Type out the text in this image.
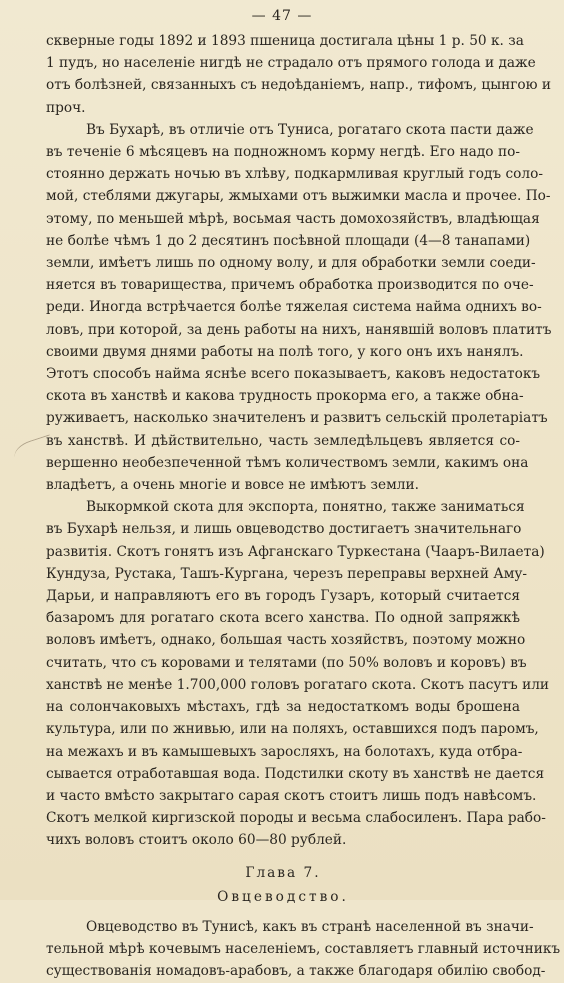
— 47 —
скверные годы 1892 и 1893 пшеница достигала цѣны 1 р. 50 к. за
1 пудъ, но населенiе нигдѣ не страдало отъ прямого голода и даже
отъ болѣзней, связанныхъ съ недоѣданiемъ, напр., тифомъ, цынгою и
проч.
Въ Бухарѣ, въ отличiе отъ Туниса, рогатаго скота пасти даже
въ теченiе 6 мѣсяцевъ на подножномъ корму негдѣ. Его надо по-
стоянно держать ночью въ хлѣву, подкармливая круглый годъ соло-
мой, стеблями джугары, жмыхами отъ выжимки масла и прочее. По-
этому, по меньшей мѣрѣ, восьмая часть домохозяйствъ, владѣющая
не болѣе чѣмъ 1 до 2 десятинъ посѣвной площади (4—8 танапами)
земли, имѣетъ лишь по одному волу, и для обработки земли соеди-
няется въ товарищества, причемъ обработка производится по оче-
реди. Иногда встрѣчается болѣе тяжелая система найма однихъ во-
ловъ, при которой, за день работы на нихъ, нанявшiй воловъ платитъ
своими двумя днями работы на полѣ того, у кого онъ ихъ нанялъ.
Этотъ способъ найма яснѣе всего показываетъ, каковъ недостатокъ
скота въ ханствѣ и какова трудность прокорма его, а также обна-
руживаетъ, насколько значителенъ и развитъ сельскiй пролетарiатъ
въ ханствѣ. И дѣйствительно, часть земледѣльцевъ является со-
вершенно необезпеченной тѣмъ количествомъ земли, какимъ она
владѣетъ, а очень многiе и вовсе не имѣютъ земли.
Выкормкой скота для экспорта, понятно, также заниматься
въ Бухарѣ нельзя, и лишь овцеводство достигаетъ значительнаго
развитiя. Скотъ гонятъ изъ Афганскаго Туркестана (Чааръ-Вилаета)
Кундуза, Рустака, Ташъ-Кургана, черезъ переправы верхней Аму-
Дарьи, и направляютъ его въ городъ Гузаръ, который считается
базаромъ для рогатаго скота всего ханства. По одной запряжкѣ
воловъ имѣетъ, однако, большая часть хозяйствъ, поэтому можно
считать, что съ коровами и телятами (по 50% воловъ и коровъ) въ
ханствѣ не менѣе 1.700,000 головъ рогатаго скота. Скотъ пасутъ или
на солончаковыхъ мѣстахъ, гдѣ за недостаткомъ воды брошена
культура, или по жнивью, или на поляхъ, оставшихся подъ паромъ,
на межахъ и въ камышевыхъ заросляхъ, на болотахъ, куда отбра-
сывается отработавшая вода. Подстилки скоту въ ханствѣ не дается
и часто вмѣсто закрытаго сарая скотъ стоитъ лишь подъ навѣсомъ.
Скотъ мелкой киргизской породы и весьма слабосиленъ. Пара рабо-
чихъ воловъ стоитъ около 60—80 рублей.
Глава 7.
Овцеводство.
Овцеводство въ Тунисѣ, какъ въ странѣ населенной въ значи-
тельной мѣрѣ кочевымъ населенiемъ, составляетъ главный источникъ
существованiя номадовъ-арабовъ, а также благодаря обилiю свобод-
